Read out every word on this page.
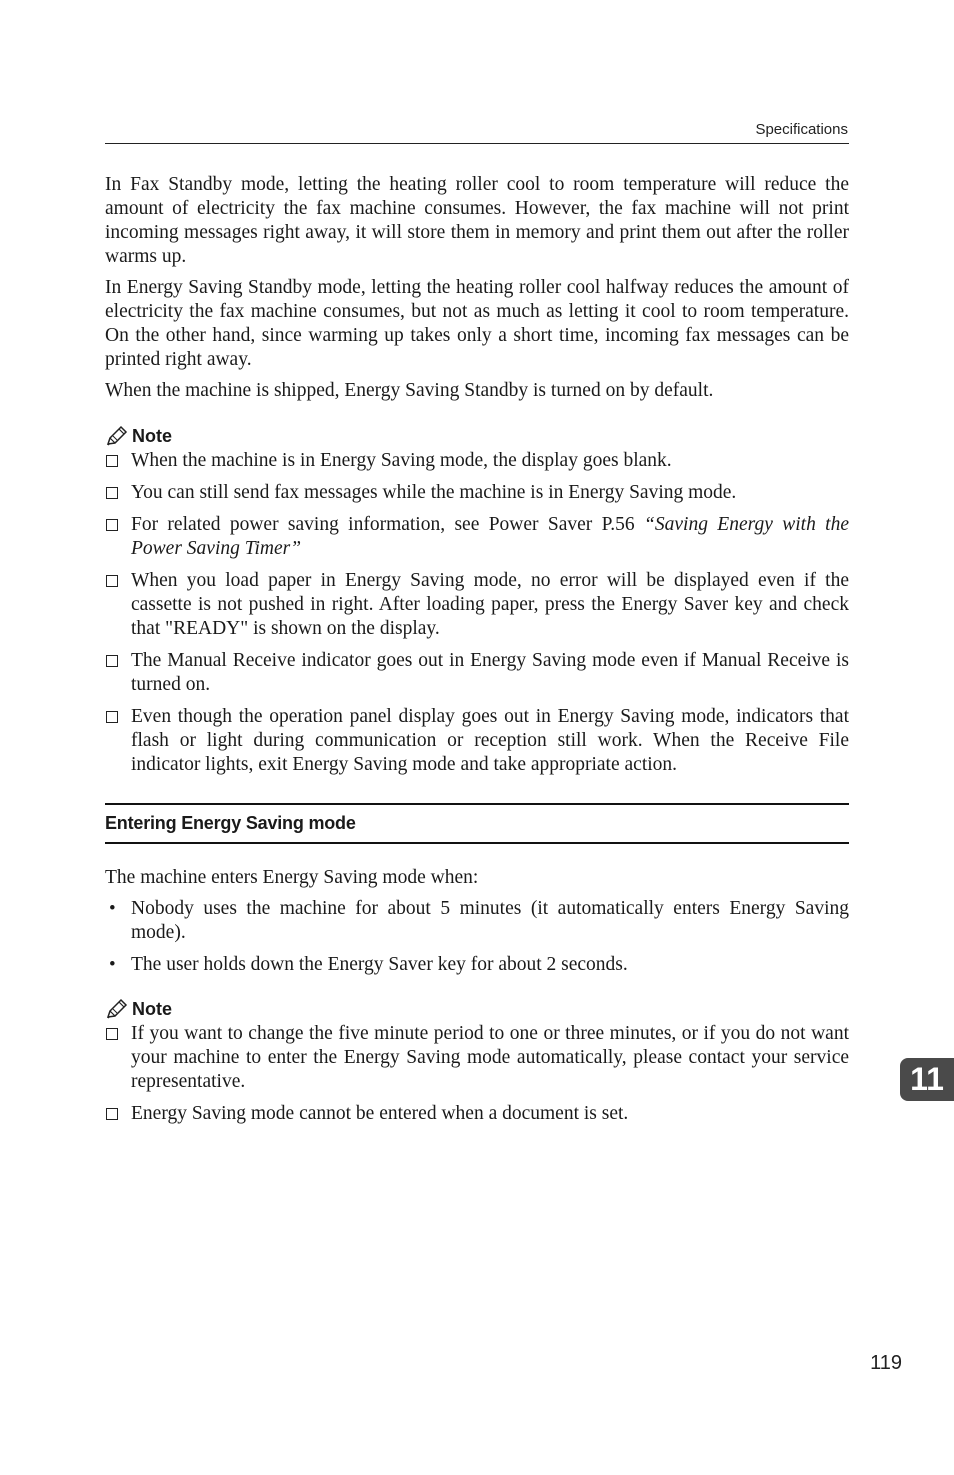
Specifications

In Fax Standby mode, letting the heating roller cool to room temperature will reduce the amount of electricity the fax machine consumes. However, the fax machine will not print incoming messages right away, it will store them in memory and print them out after the roller warms up.

In Energy Saving Standby mode, letting the heating roller cool halfway reduces the amount of electricity the fax machine consumes, but not as much as letting it cool to room temperature. On the other hand, since warming up takes only a short time, incoming fax messages can be printed right away.

When the machine is shipped, Energy Saving Standby is turned on by default.

Note
When the machine is in Energy Saving mode, the display goes blank.
You can still send fax messages while the machine is in Energy Saving mode.
For related power saving information, see Power Saver P.56 “Saving Energy with the Power Saving Timer”
When you load paper in Energy Saving mode, no error will be displayed even if the cassette is not pushed in right. After loading paper, press the Energy Saver key and check that "READY" is shown on the display.
The Manual Receive indicator goes out in Energy Saving mode even if Manual Receive is turned on.
Even though the operation panel display goes out in Energy Saving mode, indicators that flash or light during communication or reception still work. When the Receive File indicator lights, exit Energy Saving mode and take appropriate action.
Entering Energy Saving mode

The machine enters Energy Saving mode when:

• Nobody uses the machine for about 5 minutes (it automatically enters Energy Saving mode).
• The user holds down the Energy Saver key for about 2 seconds.
Note
If you want to change the five minute period to one or three minutes, or if you do not want your machine to enter the Energy Saving mode automatically, please contact your service representative.
Energy Saving mode cannot be entered when a document is set.
11
119
